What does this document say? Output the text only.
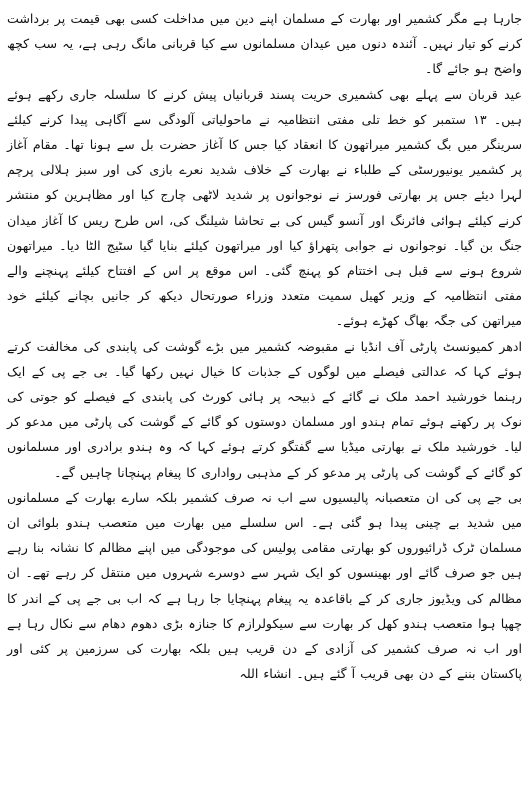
جارہا ہے مگر کشمیر اور بھارت کے مسلمان اپنے دین میں مداخلت کسی بھی قیمت پر برداشت کرنے کو تیار نہیں۔ آئندہ دنوں میں عیدان مسلمانوں سے کیا قربانی مانگ رہی ہے، یہ سب کچھ واضح ہو جائے گا۔

عید قربان سے پہلے بھی کشمیری حریت پسند قربانیاں پیش کرنے کا سلسلہ جاری رکھے ہوئے ہیں۔ ۱۳ ستمبر کو خط تلی مفتی انتظامیہ نے ماحولیاتی آلودگی سے آگاہی پیدا کرنے کیلئے سرینگر میں بگ کشمیر میراتھون کا انعقاد کیا جس کا آغاز حضرت بل سے ہونا تھا۔ مقام آغاز پر کشمیر یونیورسٹی کے طلباء نے بھارت کے خلاف شدید نعرے بازی کی اور سبز ہلالی پرچم لہرا دیئے جس پر بھارتی فورسز نے نوجوانوں پر شدید لاٹھی چارج کیا اور مظاہرین کو منتشر کرنے کیلئے ہوائی فائرنگ اور آنسو گیس کی بے تحاشا شیلنگ کی، اس طرح ریس کا آغاز میدان جنگ بن گیا۔ نوجوانوں نے جوابی پتھراؤ کیا اور میراتھون کیلئے بنایا گیا سٹیج الٹا دیا۔ میراتھون شروع ہونے سے قبل ہی اختتام کو پہنچ گئی۔ اس موقع پر اس کے افتتاح کیلئے پہنچنے والے مفتی انتظامیہ کے وزیر کھیل سمیت متعدد وزراء صورتحال دیکھ کر جانیں بچانے کیلئے خود میراتھن کی جگہ بھاگ کھڑے ہوئے۔

ادھر کمیونسٹ پارٹی آف انڈیا نے مقبوضہ کشمیر میں بڑے گوشت کی پابندی کی مخالفت کرتے ہوئے کہا کہ عدالتی فیصلے میں لوگوں کے جذبات کا خیال نہیں رکھا گیا۔ بی جے پی کے ایک رہنما خورشید احمد ملک نے گائے کے ذبیحہ پر ہائی کورٹ کی پابندی کے فیصلے کو جوتی کی نوک پر رکھتے ہوئے تمام ہندو اور مسلمان دوستوں کو گائے کے گوشت کی پارٹی میں مدعو کر لیا۔ خورشید ملک نے بھارتی میڈیا سے گفتگو کرتے ہوئے کہا کہ وہ ہندو برادری اور مسلمانوں کو گائے کے گوشت کی پارٹی پر مدعو کر کے مذہبی رواداری کا پیغام پہنچانا چاہیں گے۔

بی جے پی کی ان متعصبانہ پالیسیوں سے اب نہ صرف کشمیر بلکہ سارے بھارت کے مسلمانوں میں شدید بے چینی پیدا ہو گئی ہے۔ اس سلسلے میں بھارت میں متعصب ہندو بلوائی ان مسلمان ٹرک ڈرائیوروں کو بھارتی مقامی پولیس کی موجودگی میں اپنے مظالم کا نشانہ بنا رہے ہیں جو صرف گائے اور بھینسوں کو ایک شہر سے دوسرے شہروں میں منتقل کر رہے تھے۔ ان مظالم کی ویڈیوز جاری کر کے باقاعدہ یہ پیغام پہنچایا جا رہا ہے کہ اب بی جے پی کے اندر کا چھپا ہوا متعصب ہندو کھل کر بھارت سے سیکولرازم کا جنازہ بڑی دھوم دھام سے نکال رہا ہے اور اب نہ صرف کشمیر کی آزادی کے دن قریب ہیں بلکہ بھارت کی سرزمین پر کئی اور پاکستان بننے کے دن بھی قریب آ گئے ہیں۔ انشاء اللہ
